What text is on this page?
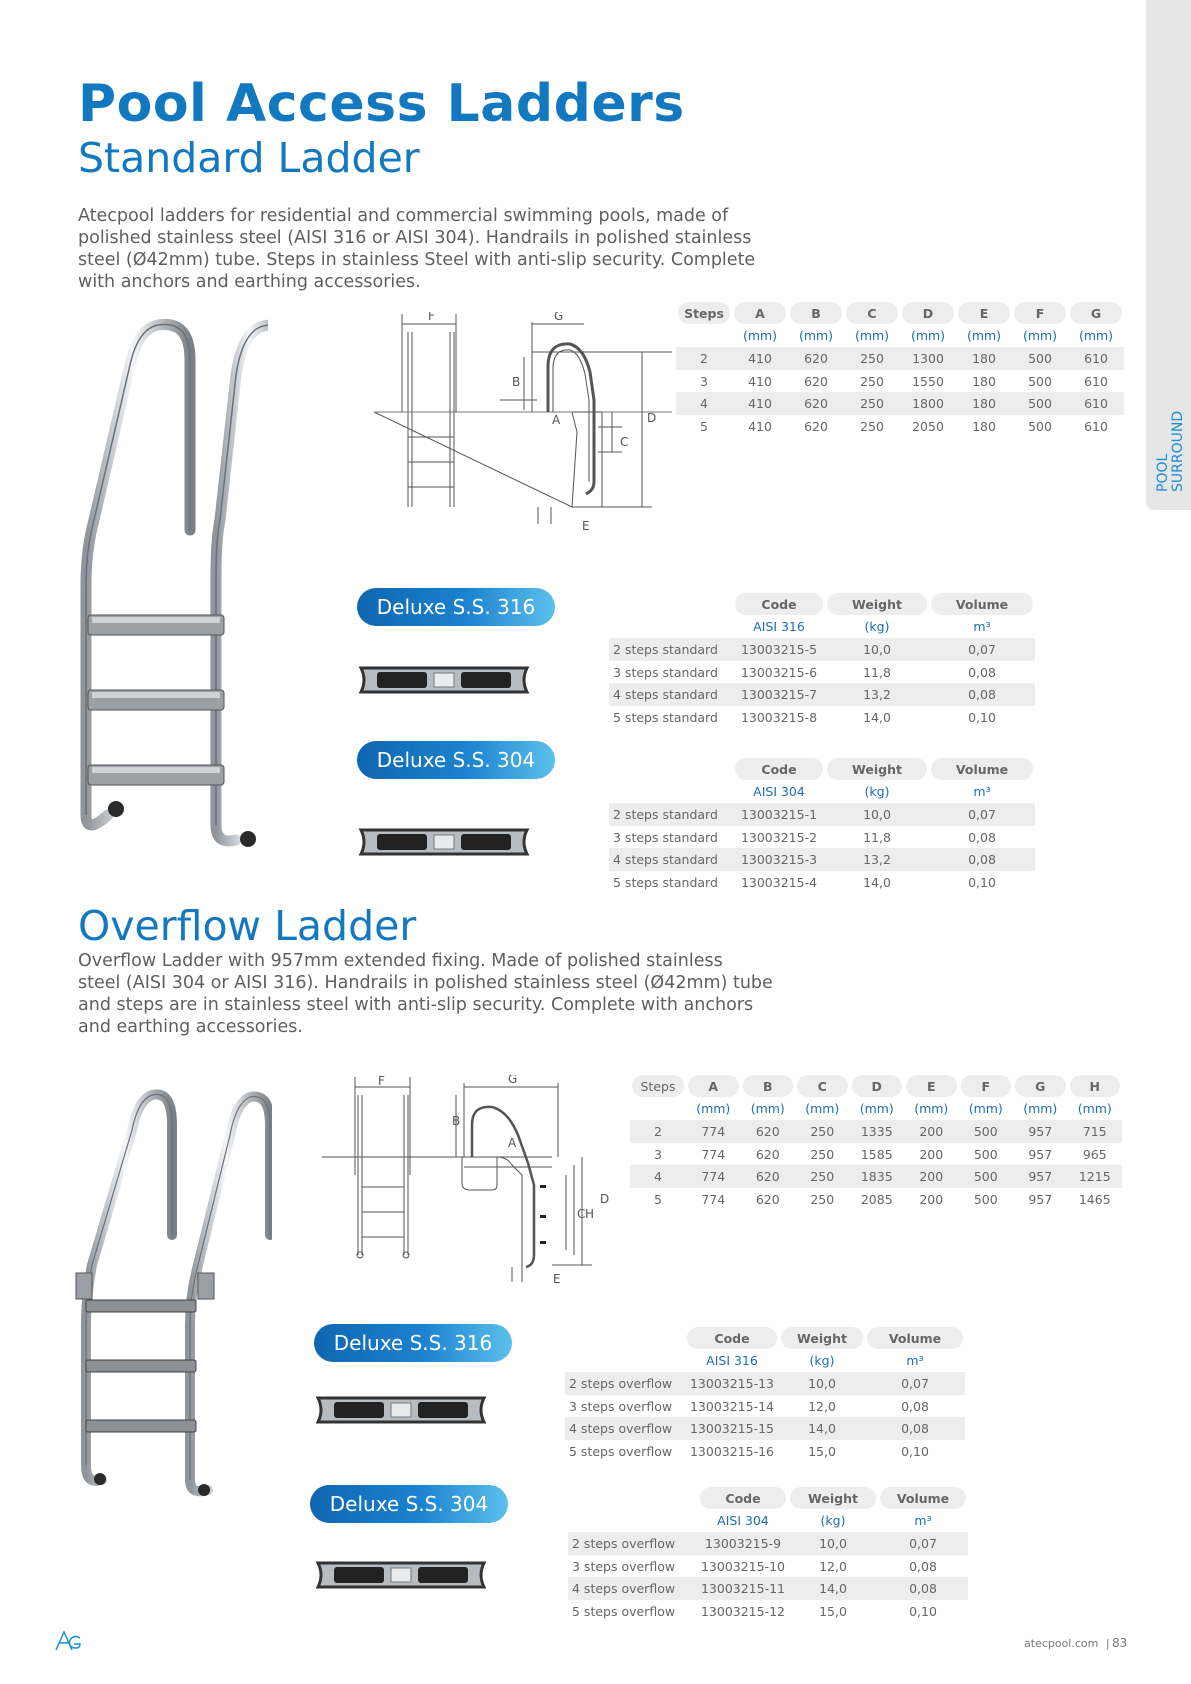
POOL SURROUND
Pool Access Ladders
Standard Ladder

Atecpool ladders for residential and commercial swimming pools, made of

polished stainless steel (AISI 316 or AISI 304). Handrails in polished stainless

steel (Ø42mm) tube. Steps in stainless Steel with anti-slip security. Complete

with anchors and earthing accessories.

F	G
B
A	D
C
E
Steps	A	B	C	D	E	F	G
(mm)	(mm)	(mm)	(mm)	(mm)	(mm)	(mm)
2	410	620	250	1300	180	500	610
3	410	620	250	1550	180	500	610
4	410	620	250	1800	180	500	610
5	410	620	250	2050	180	500	610
Deluxe S.S. 316
Deluxe S.S. 304
Code	Weight	Volume
AISI 316	(kg)	m³
2 steps standard	13003215-5	10,0	0,07
3 steps standard	13003215-6	11,8	0,08
4 steps standard	13003215-7	13,2	0,08
5 steps standard	13003215-8	14,0	0,10
Code	Weight	Volume
AISI 304	(kg)	m³
2 steps standard	13003215-1	10,0	0,07
3 steps standard	13003215-2	11,8	0,08
4 steps standard	13003215-3	13,2	0,08
5 steps standard	13003215-4	14,0	0,10
Overflow Ladder

Overflow Ladder with 957mm extended fixing. Made of polished stainless

steel (AISI 304 or AISI 316). Handrails in polished stainless steel (Ø42mm) tube

and steps are in stainless steel with anti-slip security. Complete with anchors

and earthing accessories.

F	G
B
A
D
C H
E
Steps	A	B	C	D	E	F	G	H
(mm)	(mm)	(mm)	(mm)	(mm)	(mm)	(mm)	(mm)
2	774	620	250	1335	200	500	957	715
3	774	620	250	1585	200	500	957	965
4	774	620	250	1835	200	500	957	1215
5	774	620	250	2085	200	500	957	1465
Deluxe S.S. 316
Deluxe S.S. 304
Code	Weight	Volume
AISI 316	(kg)	m³
2 steps overflow	13003215-13	10,0	0,07
3 steps overflow	13003215-14	12,0	0,08
4 steps overflow	13003215-15	14,0	0,08
5 steps overflow	13003215-16	15,0	0,10
Code	Weight	Volume
AISI 304	(kg)	m³
2 steps overflow	13003215-9	10,0	0,07
3 steps overflow	13003215-10	12,0	0,08
4 steps overflow	13003215-11	14,0	0,08
5 steps overflow	13003215-12	15,0	0,10
atecpool.com | 83
